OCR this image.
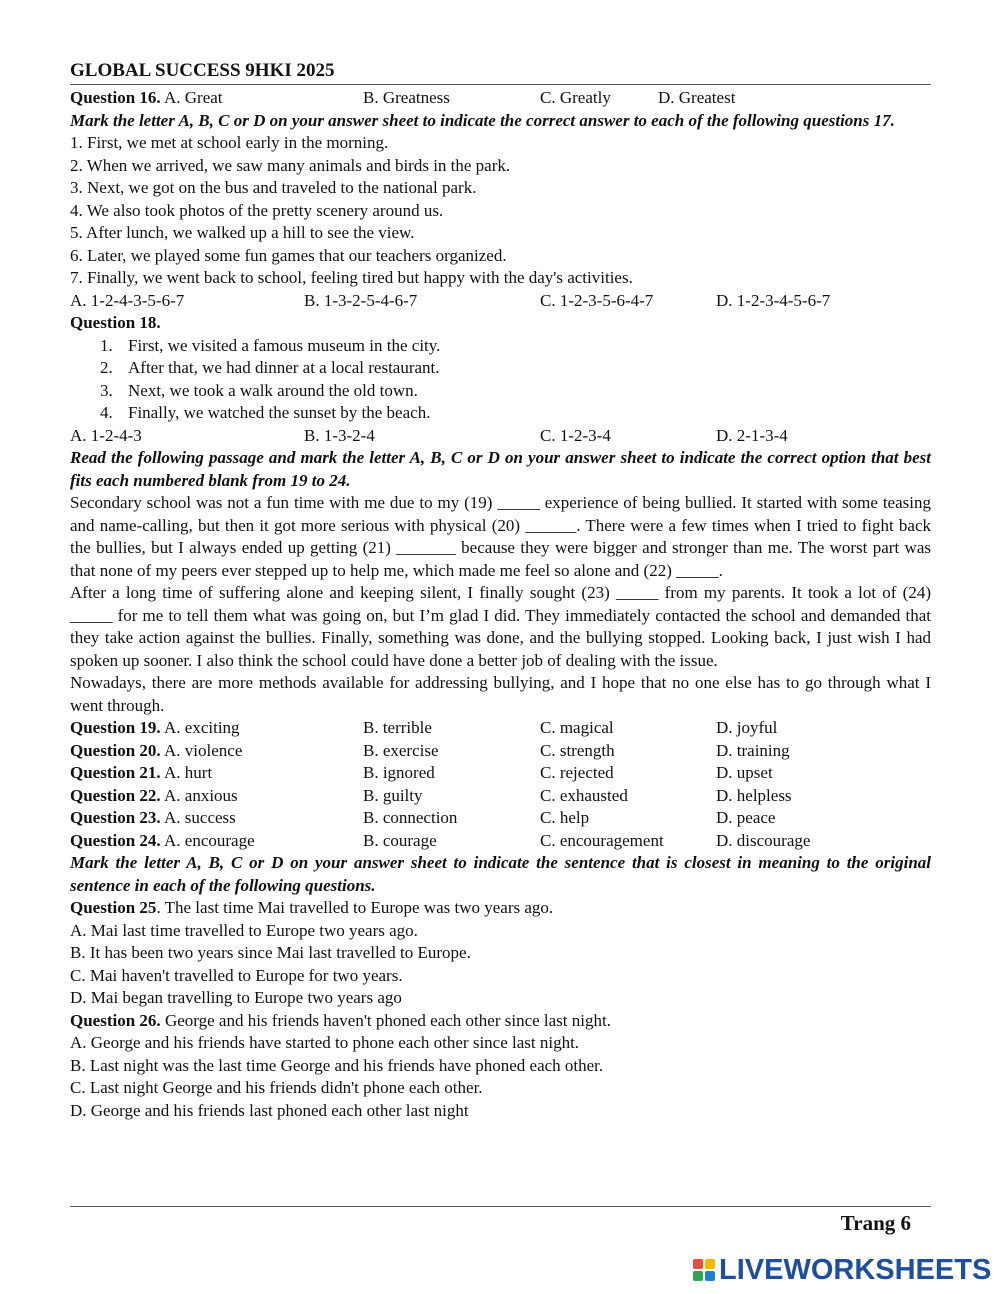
GLOBAL SUCCESS 9HKI 2025
Question 16. A. Great	B. Greatness	C. Greatly	D. Greatest
Mark the letter A, B, C or D on your answer sheet to indicate the correct answer to each of the following questions 17.
1. First, we met at school early in the morning.
2. When we arrived, we saw many animals and birds in the park.
3. Next, we got on the bus and traveled to the national park.
4. We also took photos of the pretty scenery around us.
5. After lunch, we walked up a hill to see the view.
6. Later, we played some fun games that our teachers organized.
7. Finally, we went back to school, feeling tired but happy with the day's activities.
A. 1-2-4-3-5-6-7	B. 1-3-2-5-4-6-7	C. 1-2-3-5-6-4-7	D. 1-2-3-4-5-6-7
Question 18.
1. First, we visited a famous museum in the city.
2. After that, we had dinner at a local restaurant.
3. Next, we took a walk around the old town.
4. Finally, we watched the sunset by the beach.
A. 1-2-4-3	B. 1-3-2-4	C. 1-2-3-4	D. 2-1-3-4
Read the following passage and mark the letter A, B, C or D on your answer sheet to indicate the correct option that best fits each numbered blank from 19 to 24.
Secondary school was not a fun time with me due to my (19) _____ experience of being bullied. It started with some teasing and name-calling, but then it got more serious with physical (20) ______. There were a few times when I tried to fight back the bullies, but I always ended up getting (21) _______ because they were bigger and stronger than me. The worst part was that none of my peers ever stepped up to help me, which made me feel so alone and (22) _____.
After a long time of suffering alone and keeping silent, I finally sought (23) _____ from my parents. It took a lot of (24) _____ for me to tell them what was going on, but I’m glad I did. They immediately contacted the school and demanded that they take action against the bullies. Finally, something was done, and the bullying stopped. Looking back, I just wish I had spoken up sooner. I also think the school could have done a better job of dealing with the issue.
Nowadays, there are more methods available for addressing bullying, and I hope that no one else has to go through what I went through.
Question 19. A. exciting	B. terrible	C. magical	D. joyful
Question 20. A. violence	B. exercise	C. strength	D. training
Question 21. A. hurt	B. ignored	C. rejected	D. upset
Question 22. A. anxious	B. guilty	C. exhausted	D. helpless
Question 23. A. success	B. connection	C. help	D. peace
Question 24. A. encourage	B. courage	C. encouragement	D. discourage
Mark the letter A, B, C or D on your answer sheet to indicate the sentence that is closest in meaning to the original sentence in each of the following questions.
Question 25. The last time Mai travelled to Europe was two years ago.
A. Mai last time travelled to Europe two years ago.
B. It has been two years since Mai last travelled to Europe.
C. Mai haven't travelled to Europe for two years.
D. Mai began travelling to Europe two years ago
Question 26. George and his friends haven't phoned each other since last night.
A. George and his friends have started to phone each other since last night.
B. Last night was the last time George and his friends have phoned each other.
C. Last night George and his friends didn't phone each other.
D. George and his friends last phoned each other last night
Trang 6
LIVEWORKSHEETS
